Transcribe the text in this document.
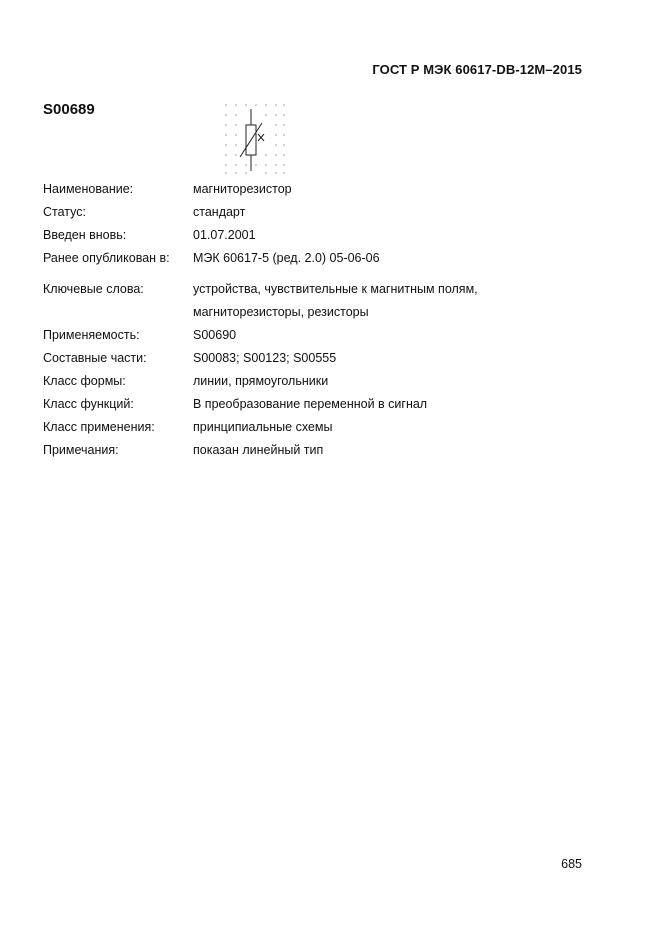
ГОСТ Р МЭК 60617-DB-12M–2015
S00689
Наименование:	магниторезистор
Статус:	стандарт
Введен вновь:	01.07.2001
Ранее опубликован в:	МЭК 60617-5 (ред. 2.0) 05-06-06
Ключевые слова:	устройства, чувствительные к магнитным полям,
магниторезисторы, резисторы
Применяемость:	S00690
Составные части:	S00083; S00123; S00555
Класс формы:	линии, прямоугольники
Класс функций:	В преобразование переменной в сигнал
Класс применения:	принципиальные схемы
Примечания:	показан линейный тип
685
